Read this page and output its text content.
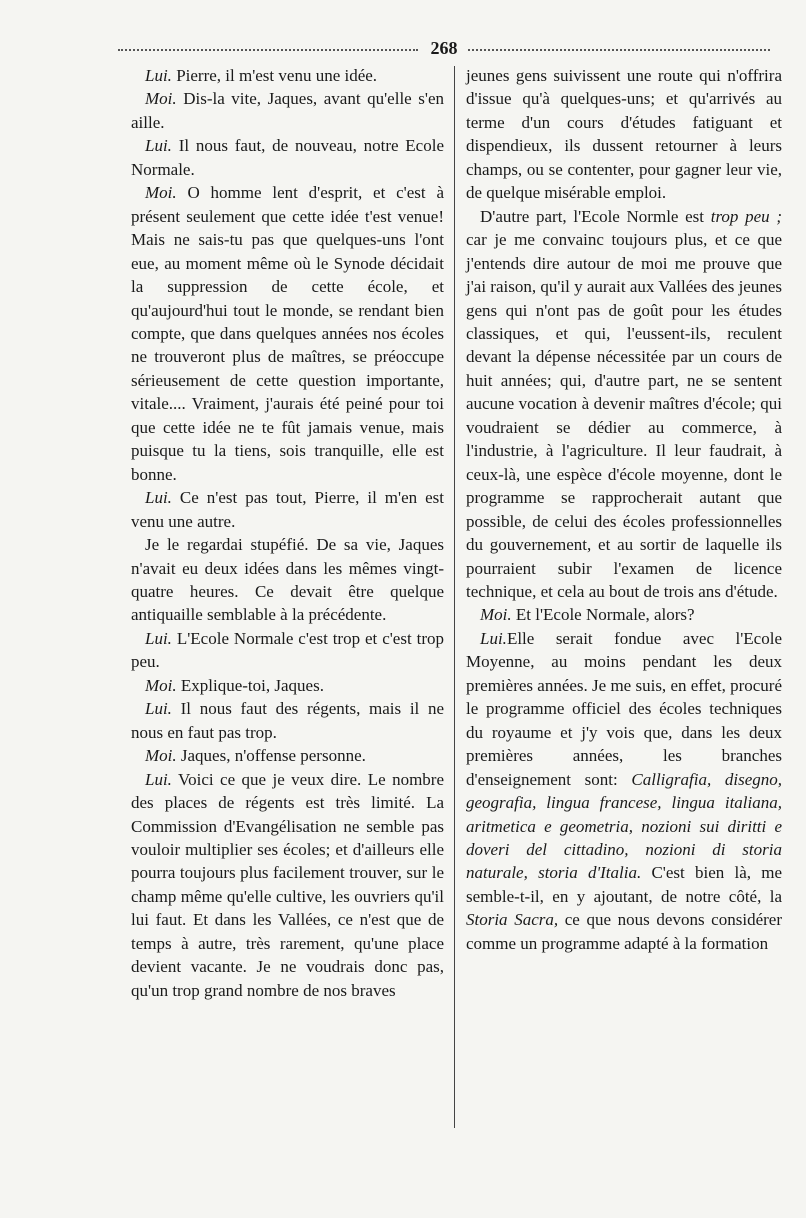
268

Lui. Pierre, il m'est venu une idée.

Moi. Dis-la vite, Jaques, avant qu'elle s'en aille.

Lui. Il nous faut, de nouveau, notre Ecole Normale.

Moi. O homme lent d'esprit, et c'est à présent seulement que cette idée t'est venue! Mais ne sais-tu pas que quelques-uns l'ont eue, au moment même où le Synode décidait la suppression de cette école, et qu'aujourd'hui tout le monde, se rendant bien compte, que dans quelques années nos écoles ne trouveront plus de maîtres, se préoccupe sérieusement de cette question importante, vitale.... Vraiment, j'aurais été peiné pour toi que cette idée ne te fût jamais venue, mais puisque tu la tiens, sois tranquille, elle est bonne.

Lui. Ce n'est pas tout, Pierre, il m'en est venu une autre.

Je le regardai stupéfié. De sa vie, Jaques n'avait eu deux idées dans les mêmes vingt-quatre heures. Ce devait être quelque antiquaille semblable à la précédente.

Lui. L'Ecole Normale c'est trop et c'est trop peu.

Moi. Explique-toi, Jaques.

Lui. Il nous faut des régents, mais il ne nous en faut pas trop.

Moi. Jaques, n'offense personne.

Lui. Voici ce que je veux dire. Le nombre des places de régents est très limité. La Commission d'Evangélisation ne semble pas vouloir multiplier ses écoles; et d'ailleurs elle pourra toujours plus facilement trouver, sur le champ même qu'elle cultive, les ouvriers qu'il lui faut. Et dans les Vallées, ce n'est que de temps à autre, très rarement, qu'une place devient vacante. Je ne voudrais donc pas, qu'un trop grand nombre de nos braves

jeunes gens suivissent une route qui n'offrira d'issue qu'à quelques-uns; et qu'arrivés au terme d'un cours d'études fatiguant et dispendieux, ils dussent retourner à leurs champs, ou se contenter, pour gagner leur vie, de quelque misérable emploi.

D'autre part, l'Ecole Normle est trop peu ; car je me convainc toujours plus, et ce que j'entends dire autour de moi me prouve que j'ai raison, qu'il y aurait aux Vallées des jeunes gens qui n'ont pas de goût pour les études classiques, et qui, l'eussent-ils, reculent devant la dépense nécessitée par un cours de huit années; qui, d'autre part, ne se sentent aucune vocation à devenir maîtres d'école; qui voudraient se dédier au commerce, à l'industrie, à l'agriculture. Il leur faudrait, à ceux-là, une espèce d'école moyenne, dont le programme se rapprocherait autant que possible, de celui des écoles professionnelles du gouvernement, et au sortir de laquelle ils pourraient subir l'examen de licence technique, et cela au bout de trois ans d'étude.

Moi. Et l'Ecole Normale, alors?

Lui.Elle serait fondue avec l'Ecole Moyenne, au moins pendant les deux premières années. Je me suis, en effet, procuré le programme officiel des écoles techniques du royaume et j'y vois que, dans les deux premières années, les branches d'enseignement sont: Calligrafia, disegno, geografia, lingua francese, lingua italiana, aritmetica e geometria, nozioni sui diritti e doveri del cittadino, nozioni di storia naturale, storia d'Italia. C'est bien là, me semble-t-il, en y ajoutant, de notre côté, la Storia Sacra, ce que nous devons considérer comme un programme adapté à la formation
